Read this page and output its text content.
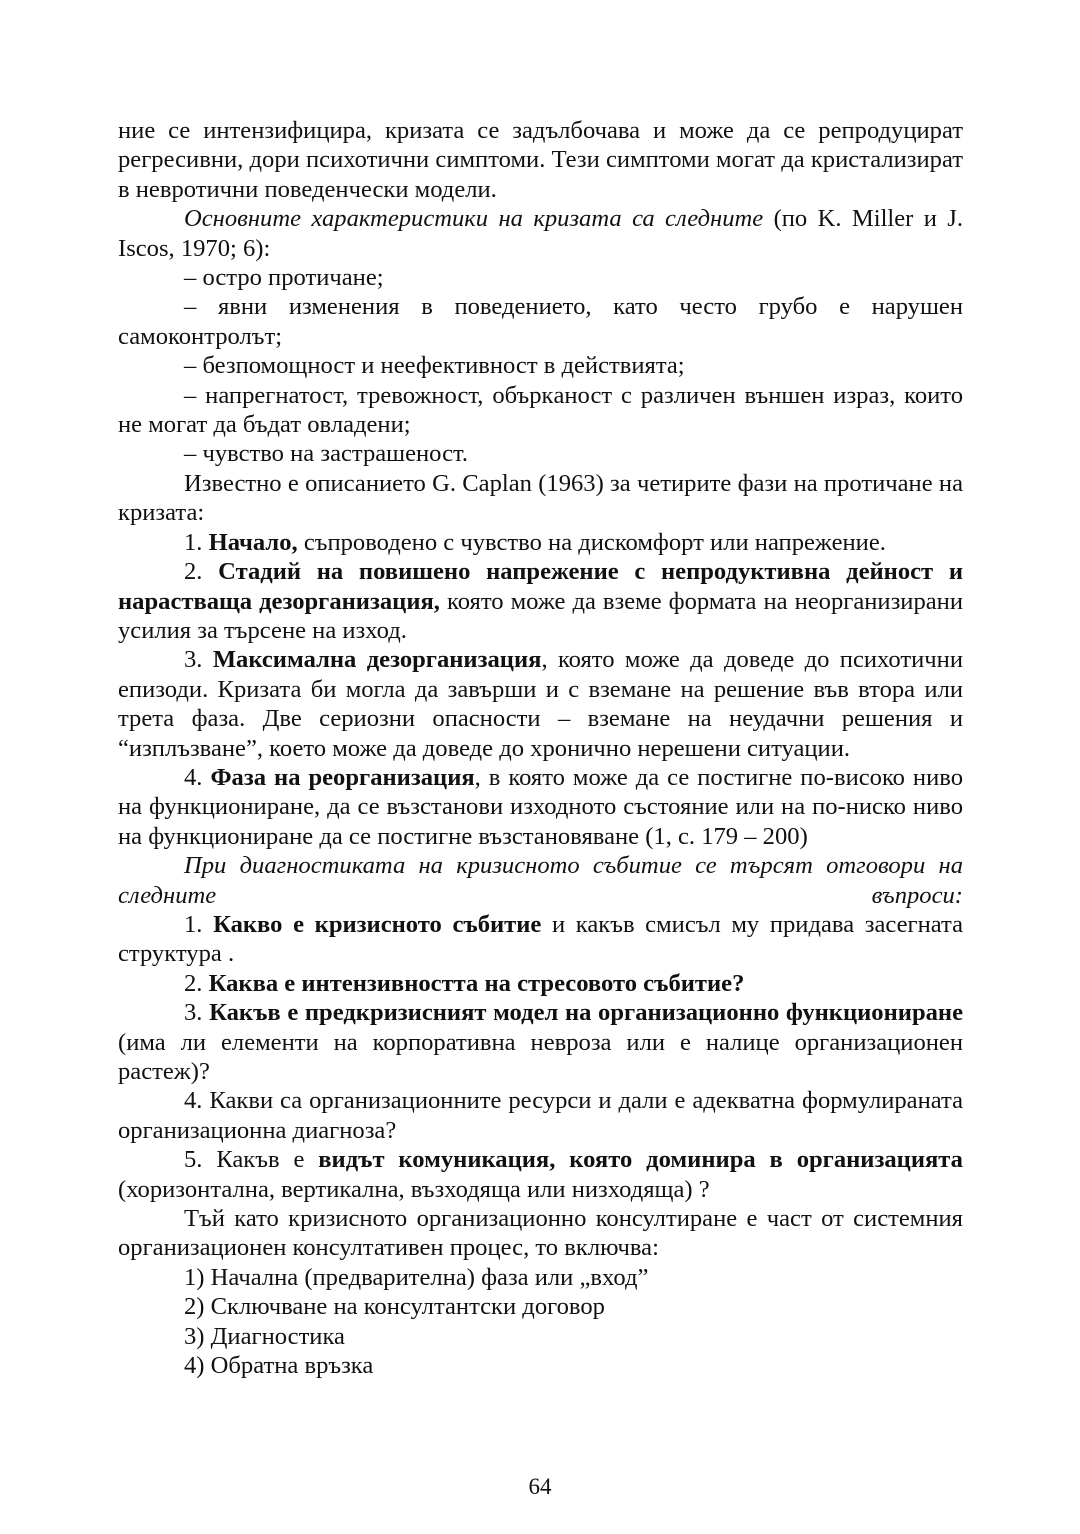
ние се интензифицира, кризата се задълбочава и може да се репродуцират регресивни, дори психотични симптоми. Тези симптоми могат да кристализират в невротични поведенчески модели.

Основните характеристики на кризата са следните (по K. Miller и J. Iscos, 1970; 6):

– остро протичане;

– явни изменения в поведението, като често грубо е нарушен самоконтролът;

– безпомощност и неефективност в действията;

– напрегнатост, тревожност, объркaност с различен външен израз, които не могат да бъдат овладени;

– чувство на застрашеност.

Известно е описанието G. Caplan (1963) за четирите фази на протичане на кризата:

1. Начало, съпроводено с чувство на дискомфорт или напрежение.

2. Стадий на повишено напрежение с непродуктивна дейност и нарастваща дезорганизация, която може да вземе формата на неорганизирани усилия за търсене на изход.

3. Максимална дезорганизация, която може да доведе до психотични епизоди. Кризата би могла да завърши и с вземане на решение във втора или трета фаза. Две сериозни опасности – вземане на неудачни решения и “изплъзване”, което може да доведе до хронично нерешени ситуации.

4. Фаза на реорганизация, в която може да се постигне по-високо ниво на функциониране, да се възстанови изходното състояние или на по-ниско ниво на функциониране да се постигне възстановяване (1, с. 179 – 200)

При диагностиката на кризисното събитие се търсят отговори на следните въпроси:

1. Какво е кризисното събитие и какъв смисъл му придава засегната структура .

2. Каква е интензивността на стресовото събитие?

3. Какъв е предкризисният модел на организационно функциониране (има ли елементи на корпоративна невроза или е налице организационен растеж)?

4. Какви са организационните ресурси и дали е адекватна формулираната организационна диагноза?

5. Какъв е видът комуникация, която доминира в организацията (хоризонтална, вертикална, възходяща или низходяща) ?

Тъй като кризисното организационно консултиране е част от системния организационен консултативен процес, то включва:

1) Начална (предварителна) фаза или „вход”
2) Сключване на консултантски договор
3) Диагностика
4) Обратна връзка
64
